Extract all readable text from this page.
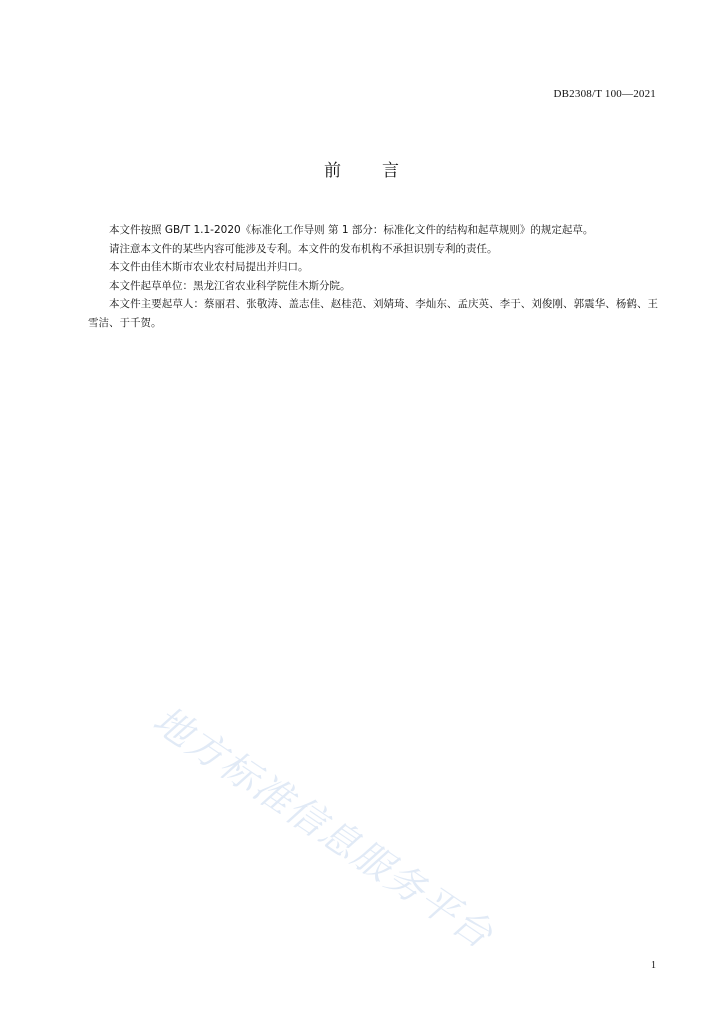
DB2308/T 100—2021
前 言

本文件按照 GB/T 1.1-2020《标准化工作导则 第 1 部分：标准化文件的结构和起草规则》的规定起草。

请注意本文件的某些内容可能涉及专利。本文件的发布机构不承担识别专利的责任。

本文件由佳木斯市农业农村局提出并归口。

本文件起草单位：黑龙江省农业科学院佳木斯分院。

本文件主要起草人：蔡丽君、张敬涛、盖志佳、赵桂范、刘婧琦、李灿东、孟庆英、李于、刘俊刚、郭震华、杨鹤、王雪洁、于千贺。

地方标准信息服务平台
1
